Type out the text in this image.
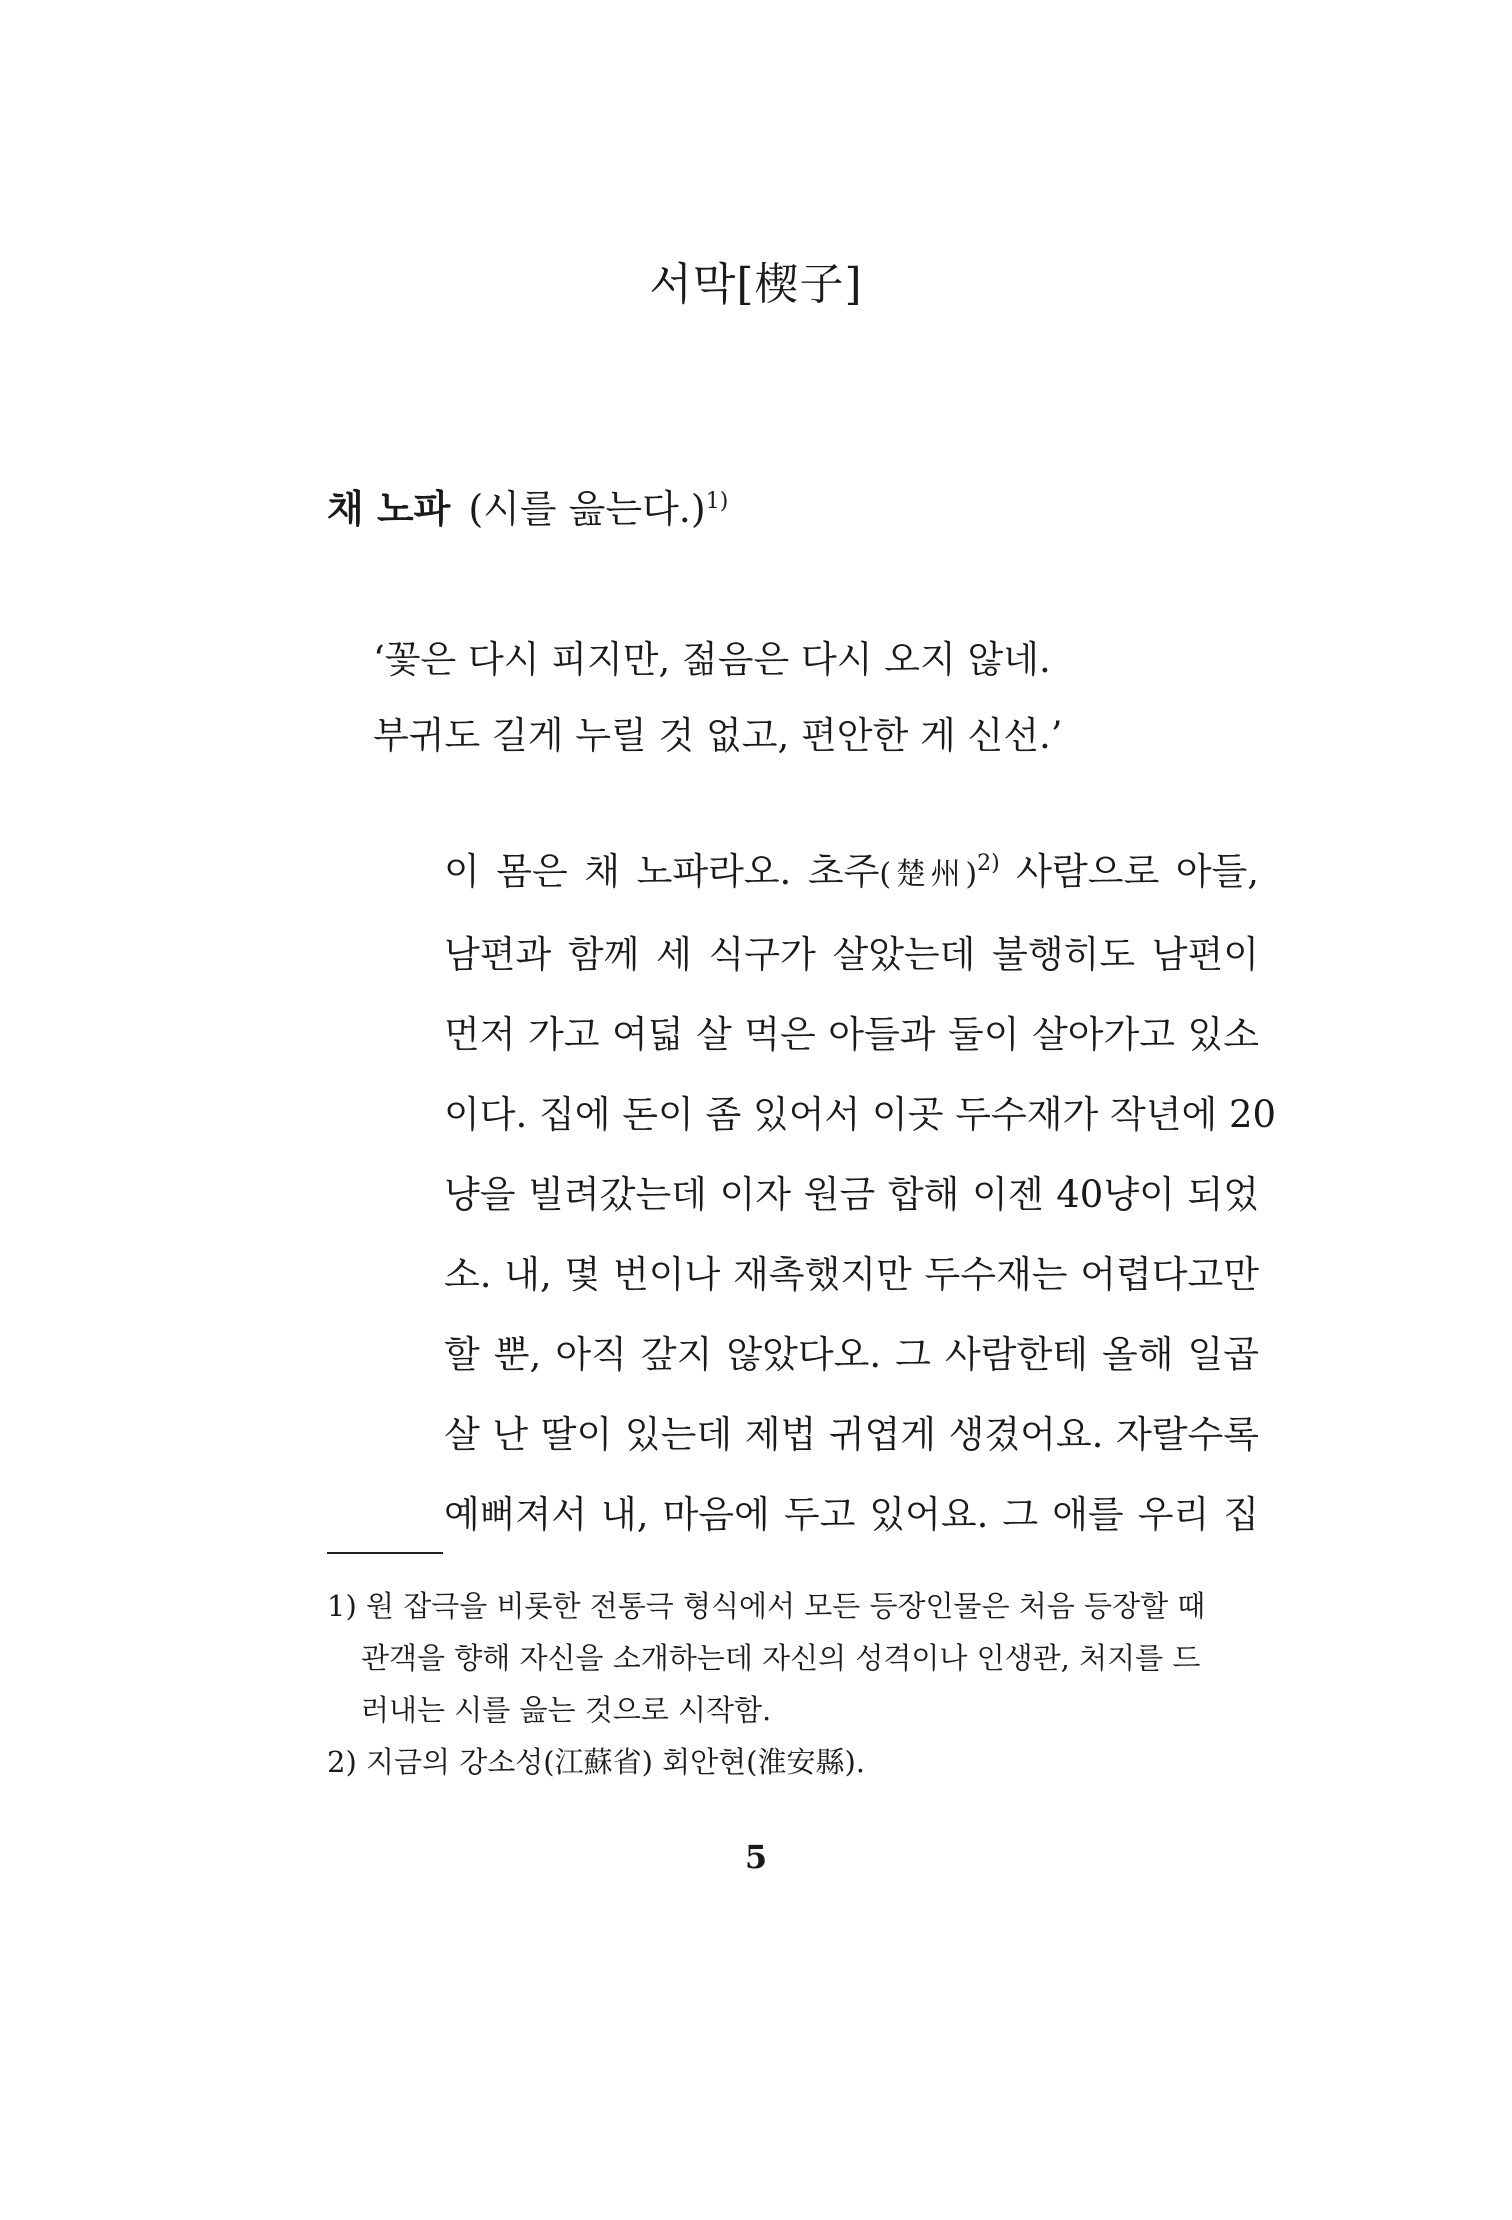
서막[楔子]
채 노파 (시를 읊는다.)$^{1)}$
‘꽃은 다시 피지만, 젊음은 다시 오지 않네.
부귀도 길게 누릴 것 없고, 편안한 게 신선.’
이 몸은 채 노파라오. 초주(楚州)$^{2)}$ 사람으로 아들,
남편과 함께 세 식구가 살았는데 불행히도 남편이
먼저 가고 여덟 살 먹은 아들과 둘이 살아가고 있소
이다. 집에 돈이 좀 있어서 이곳 두수재가 작년에 20
냥을 빌려갔는데 이자 원금 합해 이젠 40냥이 되었
소. 내, 몇 번이나 재촉했지만 두수재는 어렵다고만
할 뿐, 아직 갚지 않았다오. 그 사람한테 올해 일곱
살 난 딸이 있는데 제법 귀엽게 생겼어요. 자랄수록
예뻐져서 내, 마음에 두고 있어요. 그 애를 우리 집
1) 원 잡극을 비롯한 전통극 형식에서 모든 등장인물은 처음 등장할 때
관객을 향해 자신을 소개하는데 자신의 성격이나 인생관, 처지를 드
러내는 시를 읊는 것으로 시작함.
2) 지금의 강소성(江蘇省) 회안현(淮安縣).
5
